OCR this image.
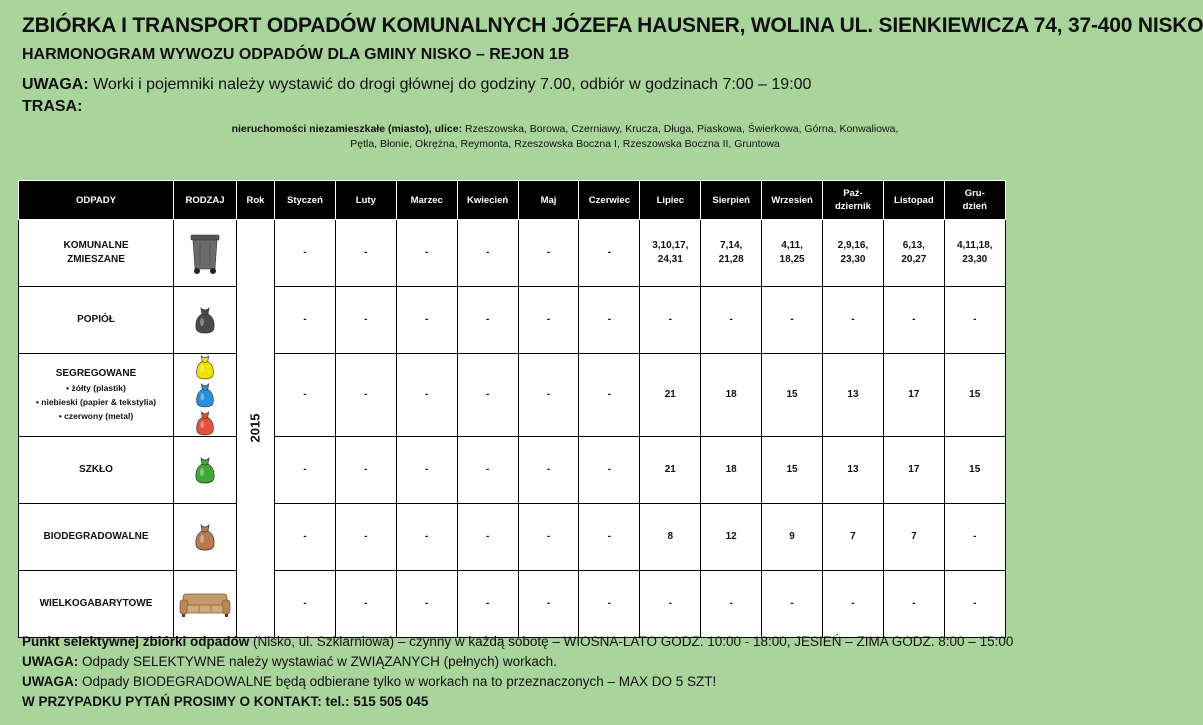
ZBIÓRKA I TRANSPORT ODPADÓW KOMUNALNYCH JÓZEFA HAUSNER, WOLINA UL. SIENKIEWICZA 74, 37-400 NISKO
HARMONOGRAM WYWOZU ODPADÓW DLA GMINY NISKO – REJON 1B
UWAGA: Worki i pojemniki należy wystawić do drogi głównej do godziny 7.00, odbiór w godzinach 7:00 – 19:00
TRASA:
nieruchomości niezamieszkałe (miasto), ulice: Rzeszowska, Borowa, Czerniawy, Krucza, Długa, Piaskowa, Świerkowa, Górna, Konwaliowa,
Pętla, Błonie, Okrężna, Reymonta, Rzeszowska Boczna I, Rzeszowska Boczna II, Gruntowa
ODPADY	RODZAJ	Rok	Styczeń	Luty	Marzec	Kwiecień	Maj	Czerwiec	Lipiec	Sierpień	Wrzesień	Paź-
dziernik	Listopad	Gru-
dzień

KOMUNALNE
ZMIESZANE		2015	-	-	-	-	-	-	3,10,17,
24,31	7,14,
21,28	4,11,
18,25	2,9,16,
23,30	6,13,
20,27	4,11,18,
23,30

POPIÓŁ			-	-	-	-	-	-	-	-	-	-	-	-

SEGREGOWANE
• żółty (plastik)
• niebieski (papier & tekstylia)
• czerwony (metal)			-	-	-	-	-	-	21	18	15	13	17	15

SZKŁO			-	-	-	-	-	-	21	18	15	13	17	15

BIODEGRADOWALNE			-	-	-	-	-	-	8	12	9	7	7	-

WIELKOGABARYTOWE			-	-	-	-	-	-	-	-	-	-	-	-
Punkt selektywnej zbiórki odpadów (Nisko, ul. Szklarniowa) – czynny w każdą sobotę – WIOSNA-LATO GODZ. 10:00 - 18:00, JESIEŃ – ZIMA GODZ. 8:00 – 15:00
UWAGA: Odpady SELEKTYWNE należy wystawiać w ZWIĄZANYCH (pełnych) workach.
UWAGA: Odpady BIODEGRADOWALNE będą odbierane tylko w workach na to przeznaczonych – MAX DO 5 SZT!
W PRZYPADKU PYTAŃ PROSIMY O KONTAKT: tel.: 515 505 045
